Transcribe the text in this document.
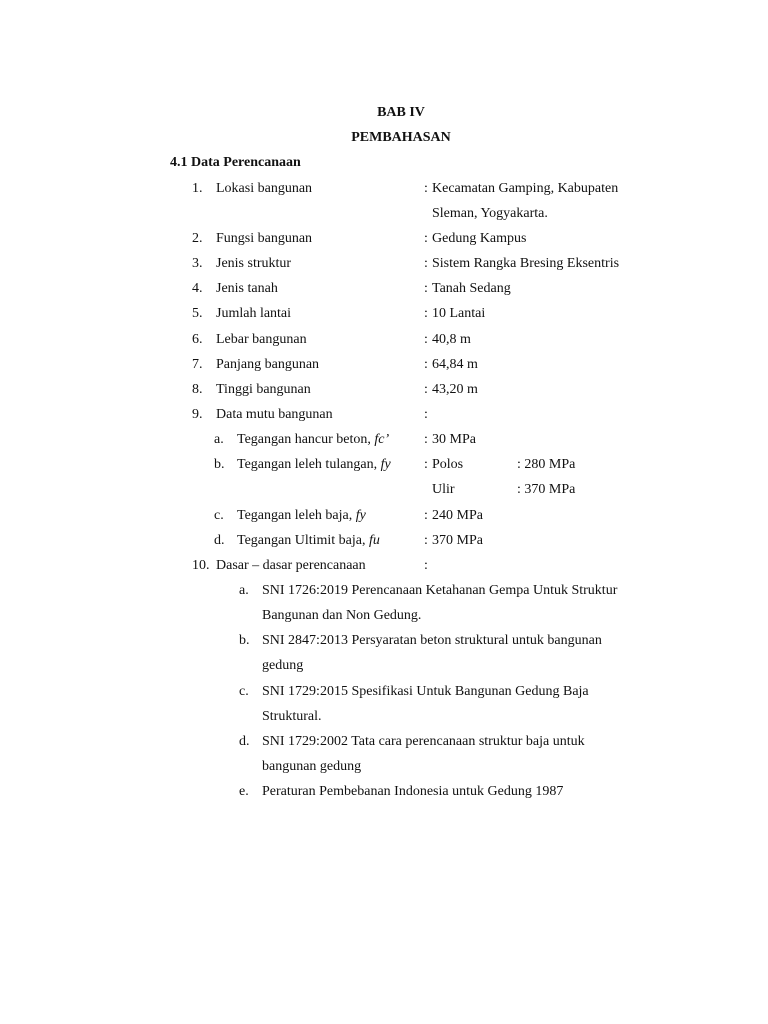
BAB IV
PEMBAHASAN
4.1 Data Perencanaan
1. Lokasi bangunan	: Kecamatan Gamping, Kabupaten
Sleman, Yogyakarta.
2. Fungsi bangunan	: Gedung Kampus
3. Jenis struktur	: Sistem Rangka Bresing Eksentris
4. Jenis tanah	: Tanah Sedang
5. Jumlah lantai	: 10 Lantai
6. Lebar bangunan	: 40,8 m
7. Panjang bangunan	: 64,84 m
8. Tinggi bangunan	: 43,20 m
9. Data mutu bangunan	:
a. Tegangan hancur beton, fc’ : 30 MPa
b. Tegangan leleh tulangan, fy : Polos	: 280 MPa
Ulir	: 370 MPa
c. Tegangan leleh baja, fy	: 240 MPa
d. Tegangan Ultimit baja, fu	: 370 MPa
10. Dasar – dasar perencanaan	:
a. SNI 1726:2019 Perencanaan Ketahanan Gempa Untuk Struktur
Bangunan dan Non Gedung.
b. SNI 2847:2013 Persyaratan beton struktural untuk bangunan
gedung
c. SNI 1729:2015 Spesifikasi Untuk Bangunan Gedung Baja
Struktural.
d. SNI 1729:2002 Tata cara perencanaan struktur baja untuk
bangunan gedung
e. Peraturan Pembebanan Indonesia untuk Gedung 1987
